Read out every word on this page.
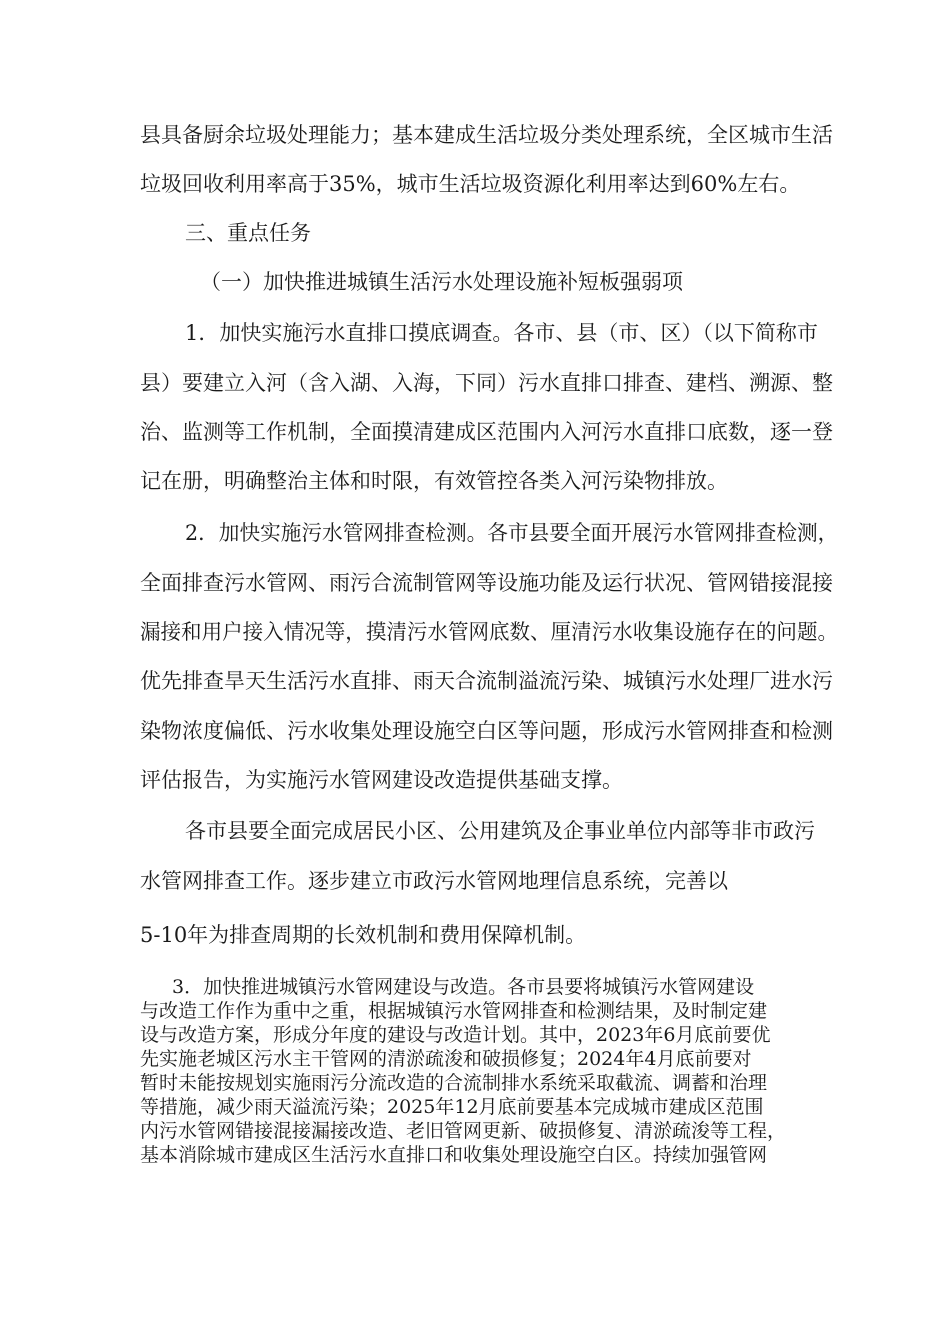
县具备厨余垃圾处理能力；基本建成生活垃圾分类处理系统，全区城市生活
垃圾回收利用率高于35%，城市生活垃圾资源化利用率达到60%左右。
三、重点任务
（一）加快推进城镇生活污水处理设施补短板强弱项
1．加快实施污水直排口摸底调查。各市、县（市、区）（以下简称市
县）要建立入河（含入湖、入海，下同）污水直排口排查、建档、溯源、整
治、监测等工作机制，全面摸清建成区范围内入河污水直排口底数，逐一登
记在册，明确整治主体和时限，有效管控各类入河污染物排放。
2．加快实施污水管网排查检测。各市县要全面开展污水管网排查检测，
全面排查污水管网、雨污合流制管网等设施功能及运行状况、管网错接混接
漏接和用户接入情况等，摸清污水管网底数、厘清污水收集设施存在的问题。
优先排查旱天生活污水直排、雨天合流制溢流污染、城镇污水处理厂进水污
染物浓度偏低、污水收集处理设施空白区等问题，形成污水管网排查和检测
评估报告，为实施污水管网建设改造提供基础支撑。
各市县要全面完成居民小区、公用建筑及企事业单位内部等非市政污
水管网排查工作。逐步建立市政污水管网地理信息系统，完善以
5-10年为排查周期的长效机制和费用保障机制。
3．加快推进城镇污水管网建设与改造。各市县要将城镇污水管网建设
与改造工作作为重中之重，根据城镇污水管网排查和检测结果，及时制定建
设与改造方案，形成分年度的建设与改造计划。其中，2023年6月底前要优
先实施老城区污水主干管网的清淤疏浚和破损修复；2024年4月底前要对
暂时未能按规划实施雨污分流改造的合流制排水系统采取截流、调蓄和治理
等措施，减少雨天溢流污染；2025年12月底前要基本完成城市建成区范围
内污水管网错接混接漏接改造、老旧管网更新、破损修复、清淤疏浚等工程，
基本消除城市建成区生活污水直排口和收集处理设施空白区。持续加强管网
